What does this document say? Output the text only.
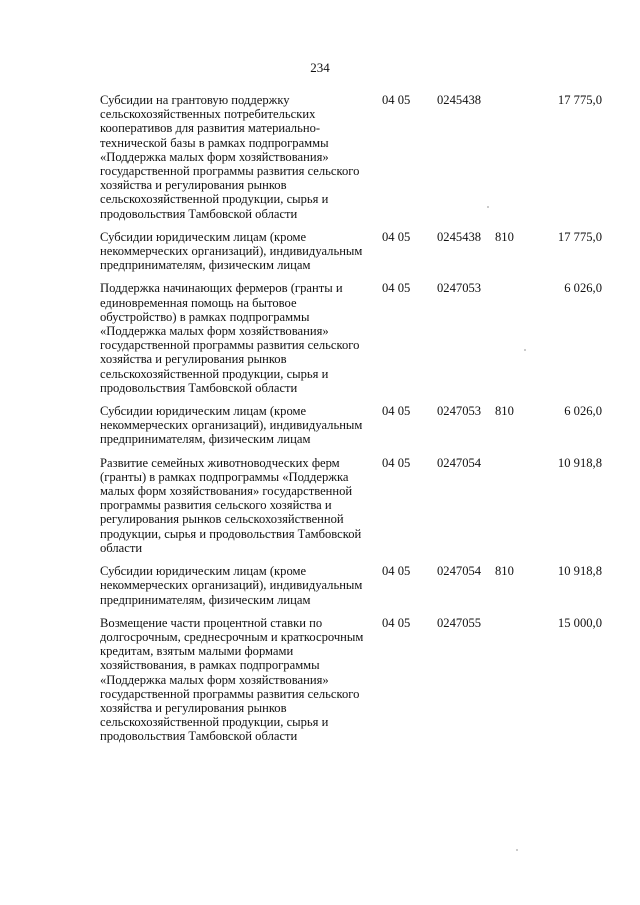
234
Субсидии на грантовую поддержку сельскохозяйственных потребительских кооперативов для развития материально-технической базы в рамках подпрограммы «Поддержка малых форм хозяйствования» государственной программы развития сельского хозяйства и регулирования рынков сельскохозяйственной продукции, сырья и продовольствия Тамбовской области
04 05 0245438	17 775,0
Субсидии юридическим лицам (кроме некоммерческих организаций), индивидуальным предпринимателям, физическим лицам
04 05 0245438 810	17 775,0
Поддержка начинающих фермеров (гранты и единовременная помощь на бытовое обустройство) в рамках подпрограммы «Поддержка малых форм хозяйствования» государственной программы развития сельского хозяйства и регулирования рынков сельскохозяйственной продукции, сырья и продовольствия Тамбовской области
04 05 0247053	6 026,0
Субсидии юридическим лицам (кроме некоммерческих организаций), индивидуальным предпринимателям, физическим лицам
04 05 0247053 810	6 026,0
Развитие семейных животноводческих ферм (гранты) в рамках подпрограммы «Поддержка малых форм хозяйствования» государственной программы развития сельского хозяйства и регулирования рынков сельскохозяйственной продукции, сырья и продовольствия Тамбовской области
04 05 0247054	10 918,8
Субсидии юридическим лицам (кроме некоммерческих организаций), индивидуальным предпринимателям, физическим лицам
04 05 0247054 810	10 918,8
Возмещение части процентной ставки по долгосрочным, среднесрочным и краткосрочным кредитам, взятым малыми формами хозяйствования, в рамках подпрограммы «Поддержка малых форм хозяйствования» государственной программы развития сельского хозяйства и регулирования рынков сельскохозяйственной продукции, сырья и продовольствия Тамбовской области
04 05 0247055	15 000,0
